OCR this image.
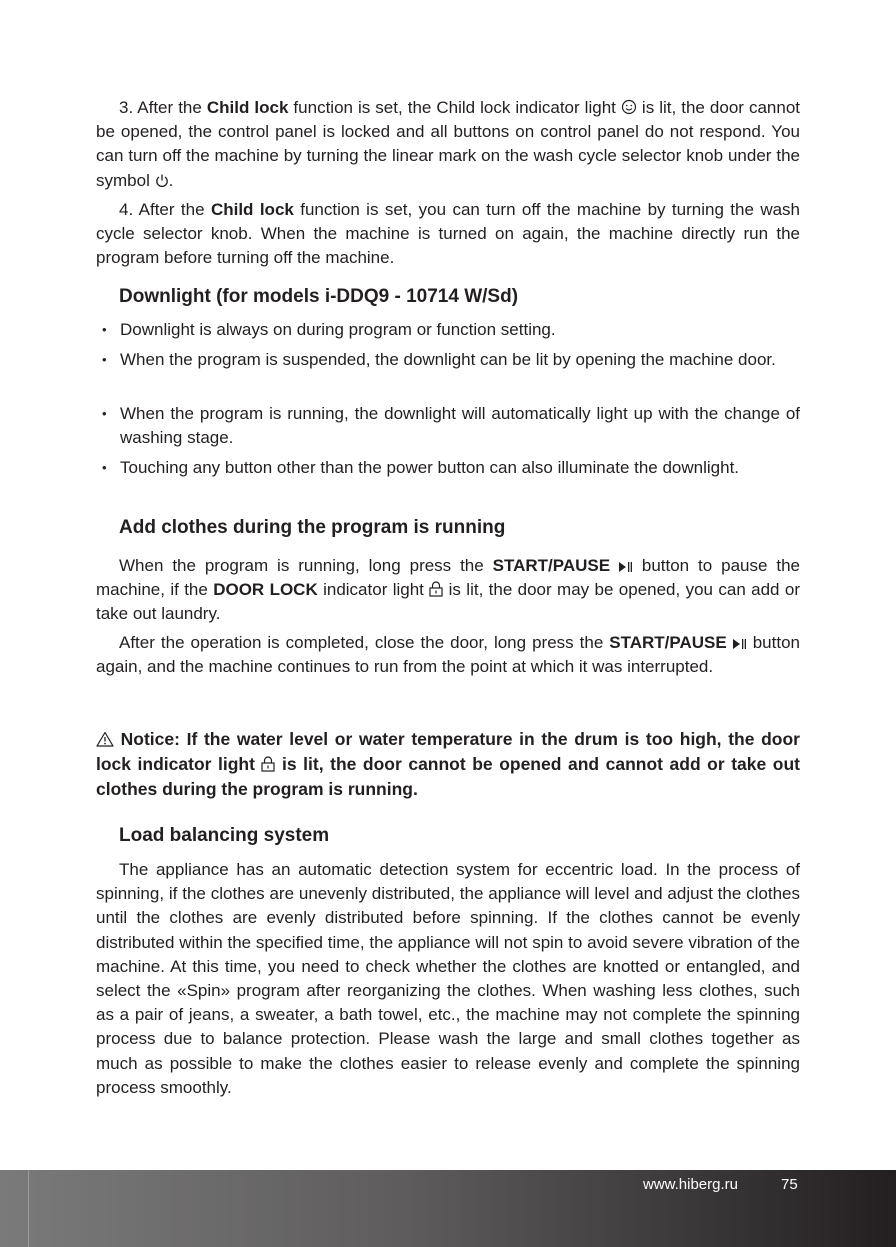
3. After the Child lock function is set, the Child lock indicator light  is lit, the door cannot be opened, the control panel is locked and all buttons on control panel do not respond. You can turn off the machine by turning the linear mark on the wash cycle selector knob under the symbol .
4. After the Child lock function is set, you can turn off the machine by turning the wash cycle selector knob. When the machine is turned on again, the machine directly run the program before turning off the machine.
Downlight (for models i-DDQ9 - 10714 W/Sd)
• Downlight is always on during program or function setting.
• When the program is suspended, the downlight can be lit by opening the machine door.
• When the program is running, the downlight will automatically light up with the change of washing stage.
• Touching any button other than the power button can also illuminate the downlight.
Add clothes during the program is running
When the program is running, long press the START/PAUSE  button to pause the machine, if the DOOR LOCK indicator light  is lit, the door may be opened, you can add or take out laundry.
After the operation is completed, close the door, long press the START/PAUSE  button again, and the machine continues to run from the point at which it was interrupted.
Notice: If the water level or water temperature in the drum is too high, the door lock indicator light  is lit, the door cannot be opened and cannot add or take out clothes during the program is running.
Load balancing system
The appliance has an automatic detection system for eccentric load. In the process of spinning, if the clothes are unevenly distributed, the appliance will level and adjust the clothes until the clothes are evenly distributed before spinning. If the clothes cannot be evenly distributed within the specified time, the appliance will not spin to avoid severe vibration of the machine. At this time, you need to check whether the clothes are knotted or entangled, and select the «Spin» program after reorganizing the clothes. When washing less clothes, such as a pair of jeans, a sweater, a bath towel, etc., the machine may not complete the spinning process due to balance protection. Please wash the large and small clothes together as much as possible to make the clothes easier to release evenly and complete the spinning process smoothly.
www.hiberg.ru	75
